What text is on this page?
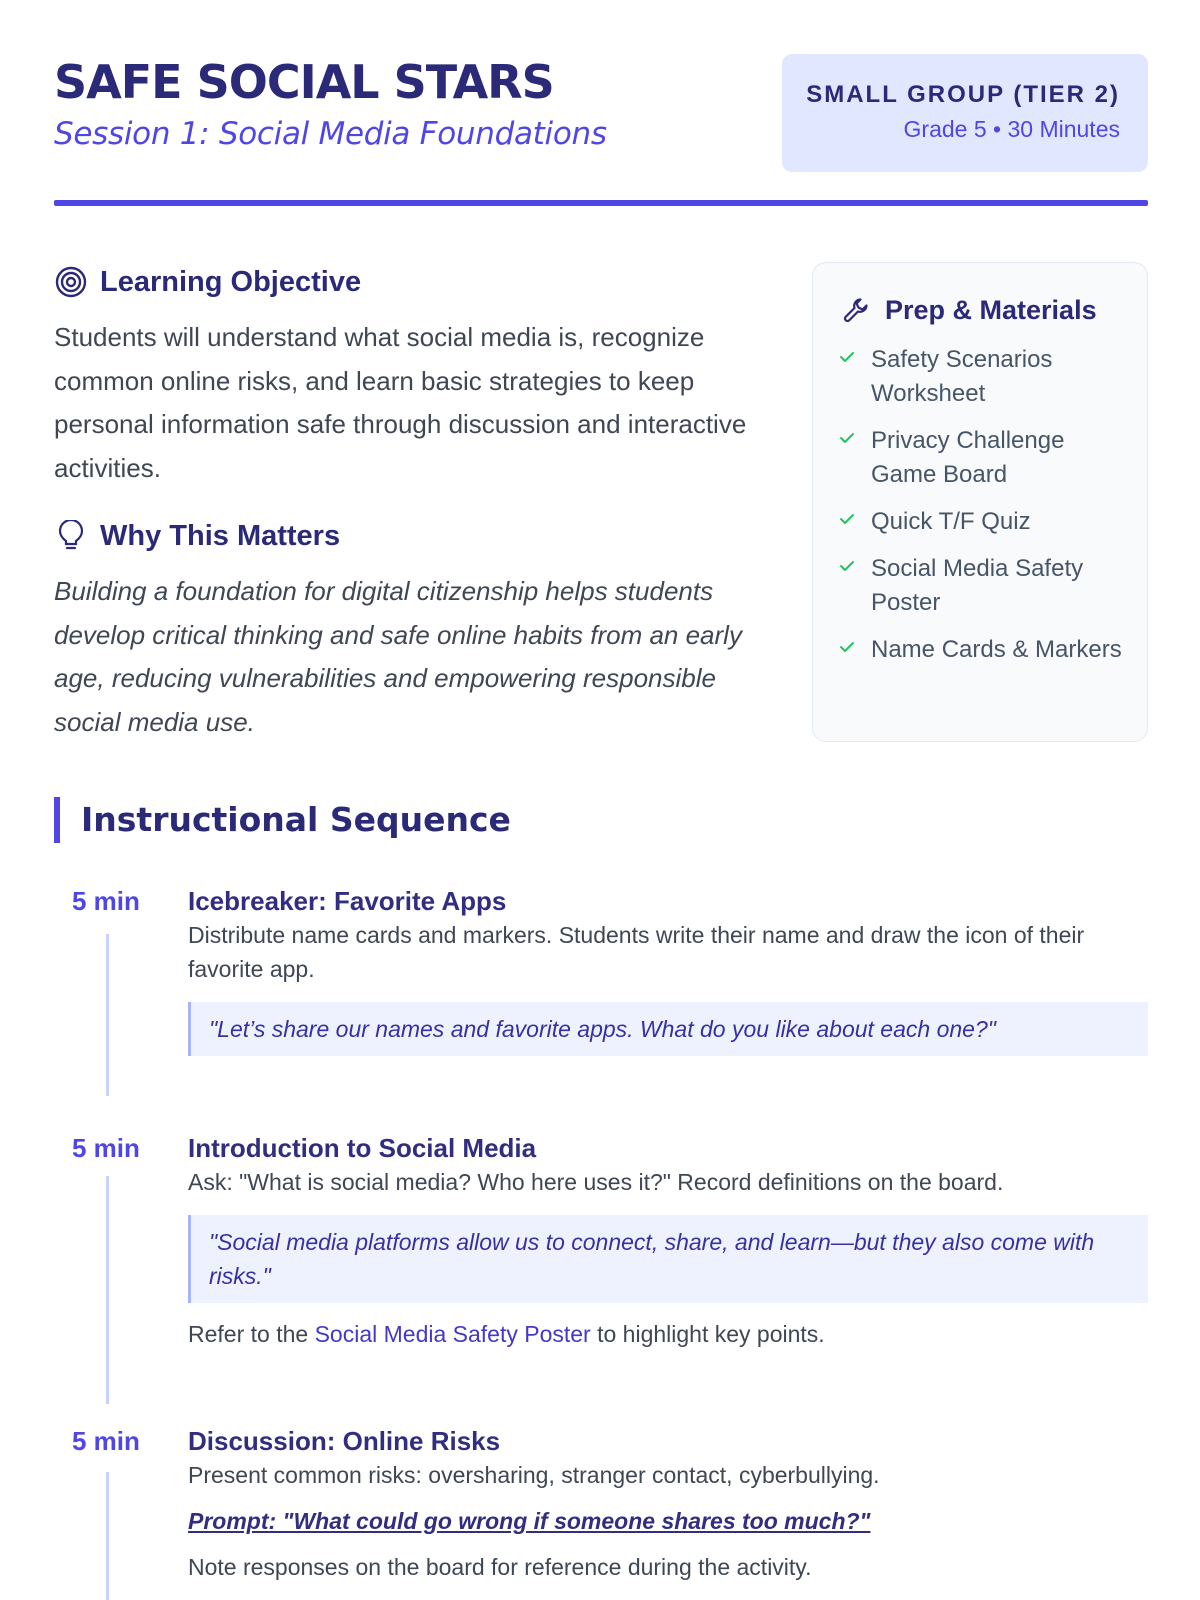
SAFE SOCIAL STARS
Session 1: Social Media Foundations
SMALL GROUP (TIER 2)
Grade 5 • 30 Minutes
Learning Objective

Students will understand what social media is, recognize common online risks, and learn basic strategies to keep personal information safe through discussion and interactive activities.

Why This Matters

Building a foundation for digital citizenship helps students develop critical thinking and safe online habits from an early age, reducing vulnerabilities and empowering responsible social media use.

Prep & Materials
Safety Scenarios Worksheet
Privacy Challenge Game Board
Quick T/F Quiz
Social Media Safety Poster
Name Cards & Markers
Instructional Sequence
5 min	Icebreaker: Favorite Apps

Distribute name cards and markers. Students write their name and draw the icon of their favorite app.

"Let’s share our names and favorite apps. What do you like about each one?"
5 min	Introduction to Social Media

Ask: "What is social media? Who here uses it?" Record definitions on the board.

"Social media platforms allow us to connect, share, and learn—but they also come with risks."

Refer to the Social Media Safety Poster to highlight key points.

5 min	Discussion: Online Risks

Present common risks: oversharing, stranger contact, cyberbullying.

Prompt: "What could go wrong if someone shares too much?"

Note responses on the board for reference during the activity.
